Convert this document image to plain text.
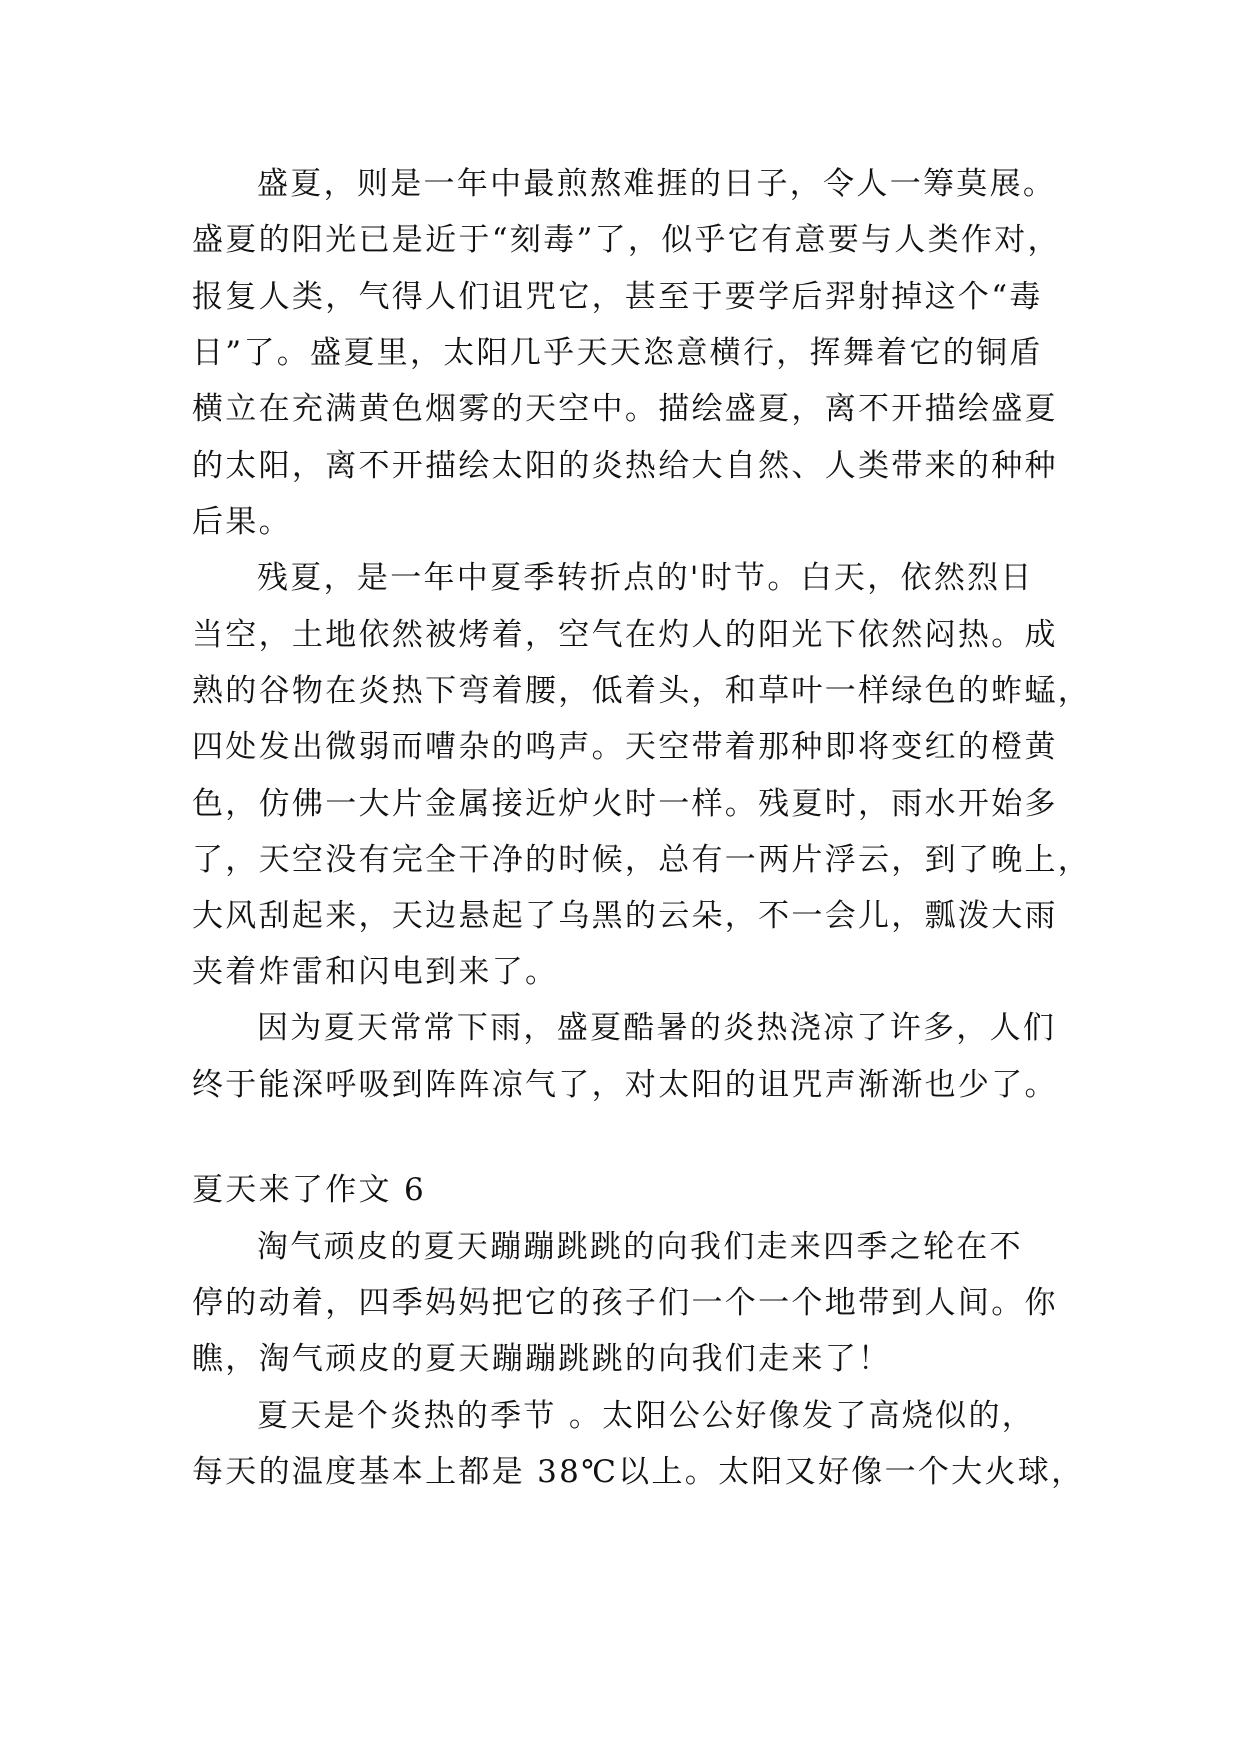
盛夏，则是一年中最煎熬难捱的日子，令人一筹莫展。
盛夏的阳光已是近于“刻毒”了，似乎它有意要与人类作对，
报复人类，气得人们诅咒它，甚至于要学后羿射掉这个“毒
日”了。盛夏里，太阳几乎天天恣意横行，挥舞着它的铜盾
横立在充满黄色烟雾的天空中。描绘盛夏，离不开描绘盛夏
的太阳，离不开描绘太阳的炎热给大自然、人类带来的种种
后果。
残夏，是一年中夏季转折点的'时节。白天，依然烈日
当空，土地依然被烤着，空气在灼人的阳光下依然闷热。成
熟的谷物在炎热下弯着腰，低着头，和草叶一样绿色的蚱蜢，
四处发出微弱而嘈杂的鸣声。天空带着那种即将变红的橙黄
色，仿佛一大片金属接近炉火时一样。残夏时，雨水开始多
了，天空没有完全干净的时候，总有一两片浮云，到了晚上，
大风刮起来，天边悬起了乌黑的云朵，不一会儿，瓢泼大雨
夹着炸雷和闪电到来了。
因为夏天常常下雨，盛夏酷暑的炎热浇凉了许多，人们
终于能深呼吸到阵阵凉气了，对太阳的诅咒声渐渐也少了。
夏天来了作文 6
淘气顽皮的夏天蹦蹦跳跳的向我们走来四季之轮在不
停的动着，四季妈妈把它的孩子们一个一个地带到人间。你
瞧，淘气顽皮的夏天蹦蹦跳跳的向我们走来了！
夏天是个炎热的季节 。太阳公公好像发了高烧似的，
每天的温度基本上都是 38℃以上。太阳又好像一个大火球，
